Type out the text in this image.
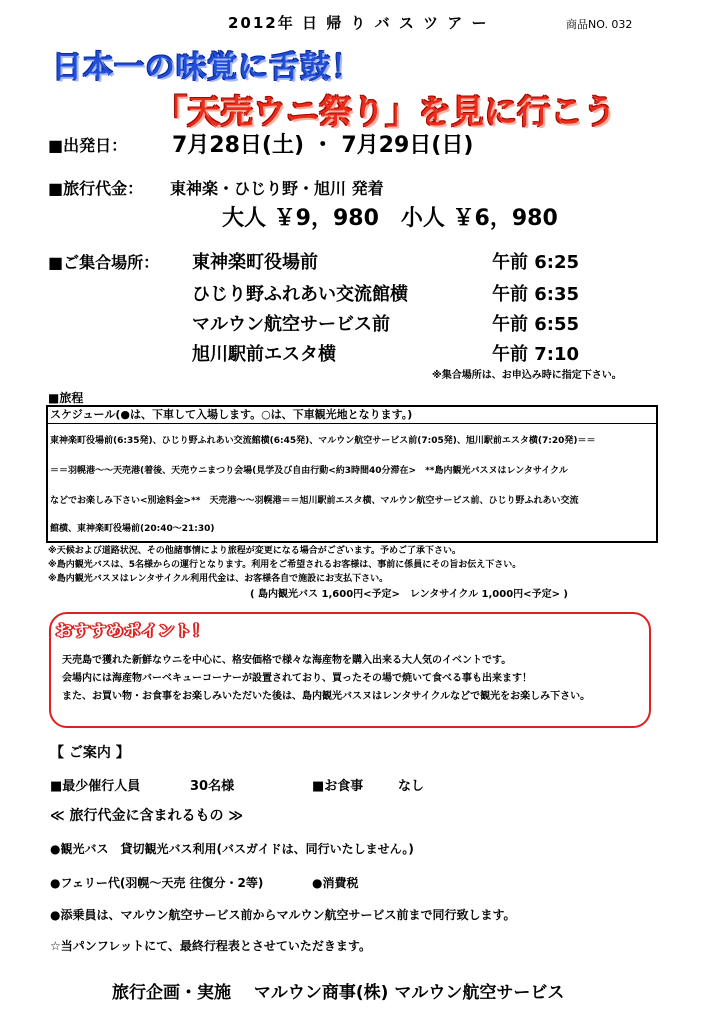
2012年 日 帰 り バ ス ツ ア ー	商品NO. 032
日本一の味覚に舌鼓！
「天売ウニ祭り」を見に行こう
■出発日： 7月28日(土) ・ 7月29日(日)
■旅行代金： 東神楽・ひじり野・旭川 発着
大人 ￥9，980　小人 ￥6，980
■ご集合場所： 東神楽町役場前	午前 6:25
ひじり野ふれあい交流館横	午前 6:35
マルウン航空サービス前	午前 6:55
旭川駅前エスタ横	午前 7:10
※集合場所は、お申込み時に指定下さい。
■旅程
スケジュール(●は、下車して入場します。○は、下車観光地となります。)
東神楽町役場前(6:35発)、ひじり野ふれあい交流館横(6:45発)、マルウン航空サービス前(7:05発)、旭川駅前エスタ横(7:20発)＝＝
＝＝羽幌港～～天売港(着後、天売ウニまつり会場(見学及び自由行動<約3時間40分滞在>　**島内観光バスヌはレンタサイクル
などでお楽しみ下さい<別途料金>**　天売港～～羽幌港＝＝旭川駅前エスタ横、マルウン航空サービス前、ひじり野ふれあい交流
館横、東神楽町役場前(20:40～21:30)
※天候および道路状況、その他諸事情により旅程が変更になる場合がございます。予めご了承下さい。
※島内観光バスは、5名様からの運行となります。利用をご希望されるお客様は、事前に係員にその旨お伝え下さい。
※島内観光バスヌはレンタサイクル利用代金は、お客様各自で施設にお支払下さい。
( 島内観光バス 1,600円<予定>　レンタサイクル 1,000円<予定> )
おすすめポイント！
天売島で獲れた新鮮なウニを中心に、格安価格で様々な海産物を購入出来る大人気のイベントです。
会場内には海産物バーベキューコーナーが設置されており、買ったその場で焼いて食べる事も出来ます！
また、お買い物・お食事をお楽しみいただいた後は、島内観光バスヌはレンタサイクルなどで観光をお楽しみ下さい。
【 ご案内 】
■最少催行人員	30名様	■お食事	なし
≪ 旅行代金に含まれるもの ≫
●観光バス　貸切観光バス利用(バスガイドは、同行いたしません。)
●フェリー代(羽幌～天売 往復分・2等)	●消費税
●添乗員は、マルウン航空サービス前からマルウン航空サービス前まで同行致します。
☆当パンフレットにて、最終行程表とさせていただきます。
旅行企画・実施　 マルウン商事(株) マルウン航空サービス
